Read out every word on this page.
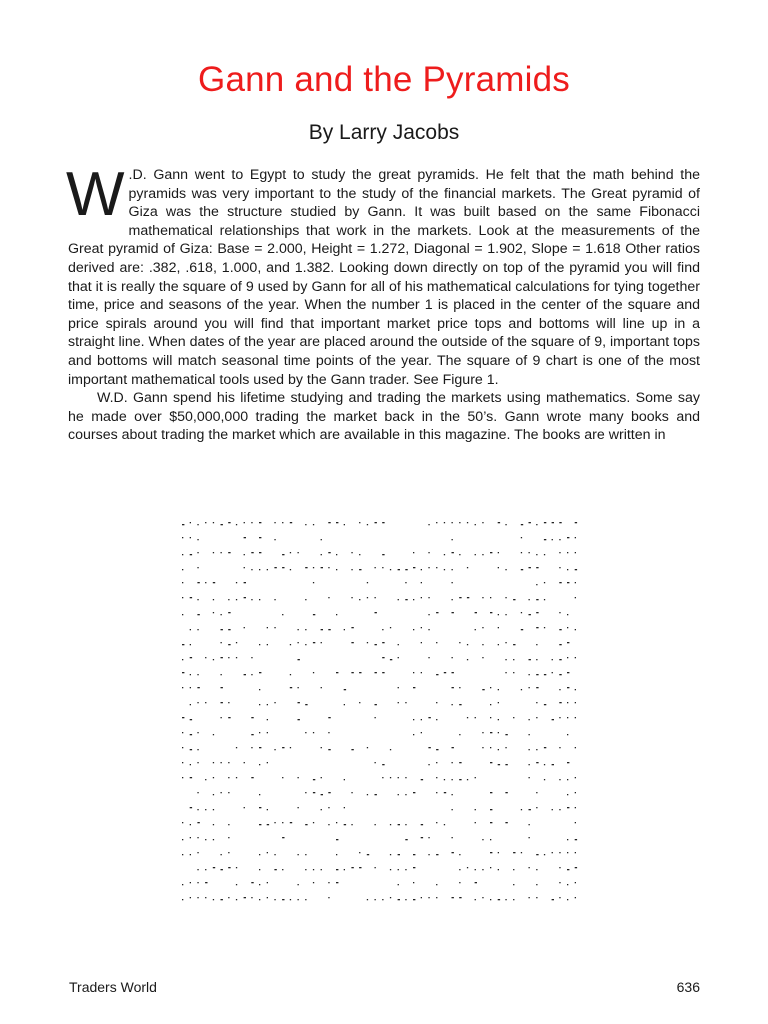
Gann and the Pyramids
By Larry Jacobs

W .D. Gann went to Egypt to study the great pyramids. He felt that the math behind the pyramids was very important to the study of the financial markets. The Great pyramid of Giza was the structure studied by Gann. It was built based on the same Fibonacci mathematical relationships that work in the markets. Look at the measurements of the Great pyramid of Giza: Base = 2.000, Height = 1.272, Diagonal = 1.902, Slope = 1.618 Other ratios derived are: .382, .618, 1.000, and 1.382. Looking down directly on top of the pyramid you will find that it is really the square of 9 used by Gann for all of his mathematical calculations for tying together time, price and seasons of the year. When the number 1 is placed in the center of the square and price spirals around you will find that important market price tops and bottoms will line up in a straight line. When dates of the year are placed around the outside of the square of 9, important tops and bottoms will match seasonal time points of the year. The square of 9 chart is one of the most important mathematical tools used by the Gann trader. See Figure 1.

W.D. Gann spend his lifetime studying and trading the markets using mathematics. Some say he made over $50,000,000 trading the market back in the 50’s. Gann wrote many books and courses about trading the market which are available in this magazine. The books are written in

Traders World	636
